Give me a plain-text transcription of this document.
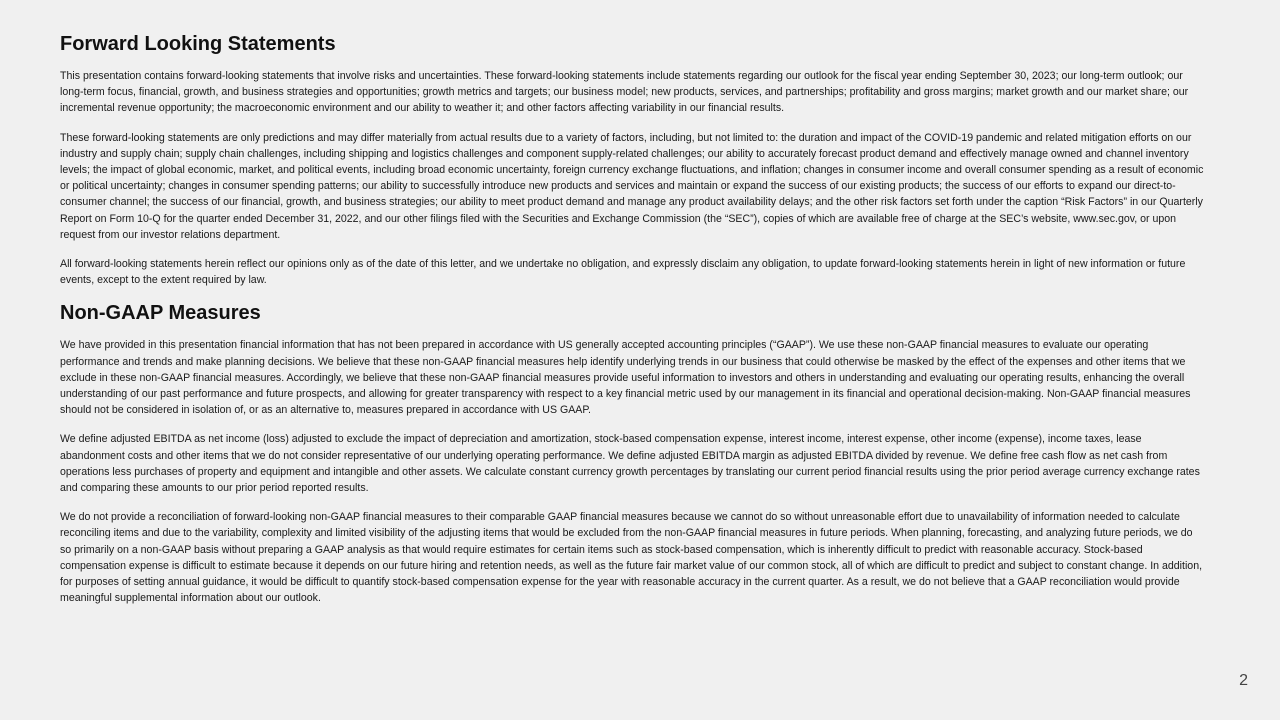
Forward Looking Statements

This presentation contains forward-looking statements that involve risks and uncertainties. These forward-looking statements include statements regarding our outlook for the fiscal year ending September 30, 2023; our long-term outlook; our long-term focus, financial, growth, and business strategies and opportunities; growth metrics and targets; our business model; new products, services, and partnerships; profitability and gross margins; market growth and our market share; our incremental revenue opportunity; the macroeconomic environment and our ability to weather it; and other factors affecting variability in our financial results.

These forward-looking statements are only predictions and may differ materially from actual results due to a variety of factors, including, but not limited to: the duration and impact of the COVID-19 pandemic and related mitigation efforts on our industry and supply chain; supply chain challenges, including shipping and logistics challenges and component supply-related challenges; our ability to accurately forecast product demand and effectively manage owned and channel inventory levels; the impact of global economic, market, and political events, including broad economic uncertainty, foreign currency exchange fluctuations, and inflation; changes in consumer income and overall consumer spending as a result of economic or political uncertainty; changes in consumer spending patterns; our ability to successfully introduce new products and services and maintain or expand the success of our existing products; the success of our efforts to expand our direct-to-consumer channel; the success of our financial, growth, and business strategies; our ability to meet product demand and manage any product availability delays; and the other risk factors set forth under the caption “Risk Factors” in our Quarterly Report on Form 10-Q for the quarter ended December 31, 2022, and our other filings filed with the Securities and Exchange Commission (the “SEC”), copies of which are available free of charge at the SEC’s website, www.sec.gov, or upon request from our investor relations department.

All forward-looking statements herein reflect our opinions only as of the date of this letter, and we undertake no obligation, and expressly disclaim any obligation, to update forward-looking statements herein in light of new information or future events, except to the extent required by law.

Non-GAAP Measures

We have provided in this presentation financial information that has not been prepared in accordance with US generally accepted accounting principles (“GAAP”). We use these non-GAAP financial measures to evaluate our operating performance and trends and make planning decisions. We believe that these non-GAAP financial measures help identify underlying trends in our business that could otherwise be masked by the effect of the expenses and other items that we exclude in these non-GAAP financial measures. Accordingly, we believe that these non-GAAP financial measures provide useful information to investors and others in understanding and evaluating our operating results, enhancing the overall understanding of our past performance and future prospects, and allowing for greater transparency with respect to a key financial metric used by our management in its financial and operational decision-making. Non-GAAP financial measures should not be considered in isolation of, or as an alternative to, measures prepared in accordance with US GAAP.

We define adjusted EBITDA as net income (loss) adjusted to exclude the impact of depreciation and amortization, stock-based compensation expense, interest income, interest expense, other income (expense), income taxes, lease abandonment costs and other items that we do not consider representative of our underlying operating performance. We define adjusted EBITDA margin as adjusted EBITDA divided by revenue. We define free cash flow as net cash from operations less purchases of property and equipment and intangible and other assets. We calculate constant currency growth percentages by translating our current period financial results using the prior period average currency exchange rates and comparing these amounts to our prior period reported results.

We do not provide a reconciliation of forward-looking non-GAAP financial measures to their comparable GAAP financial measures because we cannot do so without unreasonable effort due to unavailability of information needed to calculate reconciling items and due to the variability, complexity and limited visibility of the adjusting items that would be excluded from the non-GAAP financial measures in future periods. When planning, forecasting, and analyzing future periods, we do so primarily on a non-GAAP basis without preparing a GAAP analysis as that would require estimates for certain items such as stock-based compensation, which is inherently difficult to predict with reasonable accuracy. Stock-based compensation expense is difficult to estimate because it depends on our future hiring and retention needs, as well as the future fair market value of our common stock, all of which are difficult to predict and subject to constant change. In addition, for purposes of setting annual guidance, it would be difficult to quantify stock-based compensation expense for the year with reasonable accuracy in the current quarter. As a result, we do not believe that a GAAP reconciliation would provide meaningful supplemental information about our outlook.

2
